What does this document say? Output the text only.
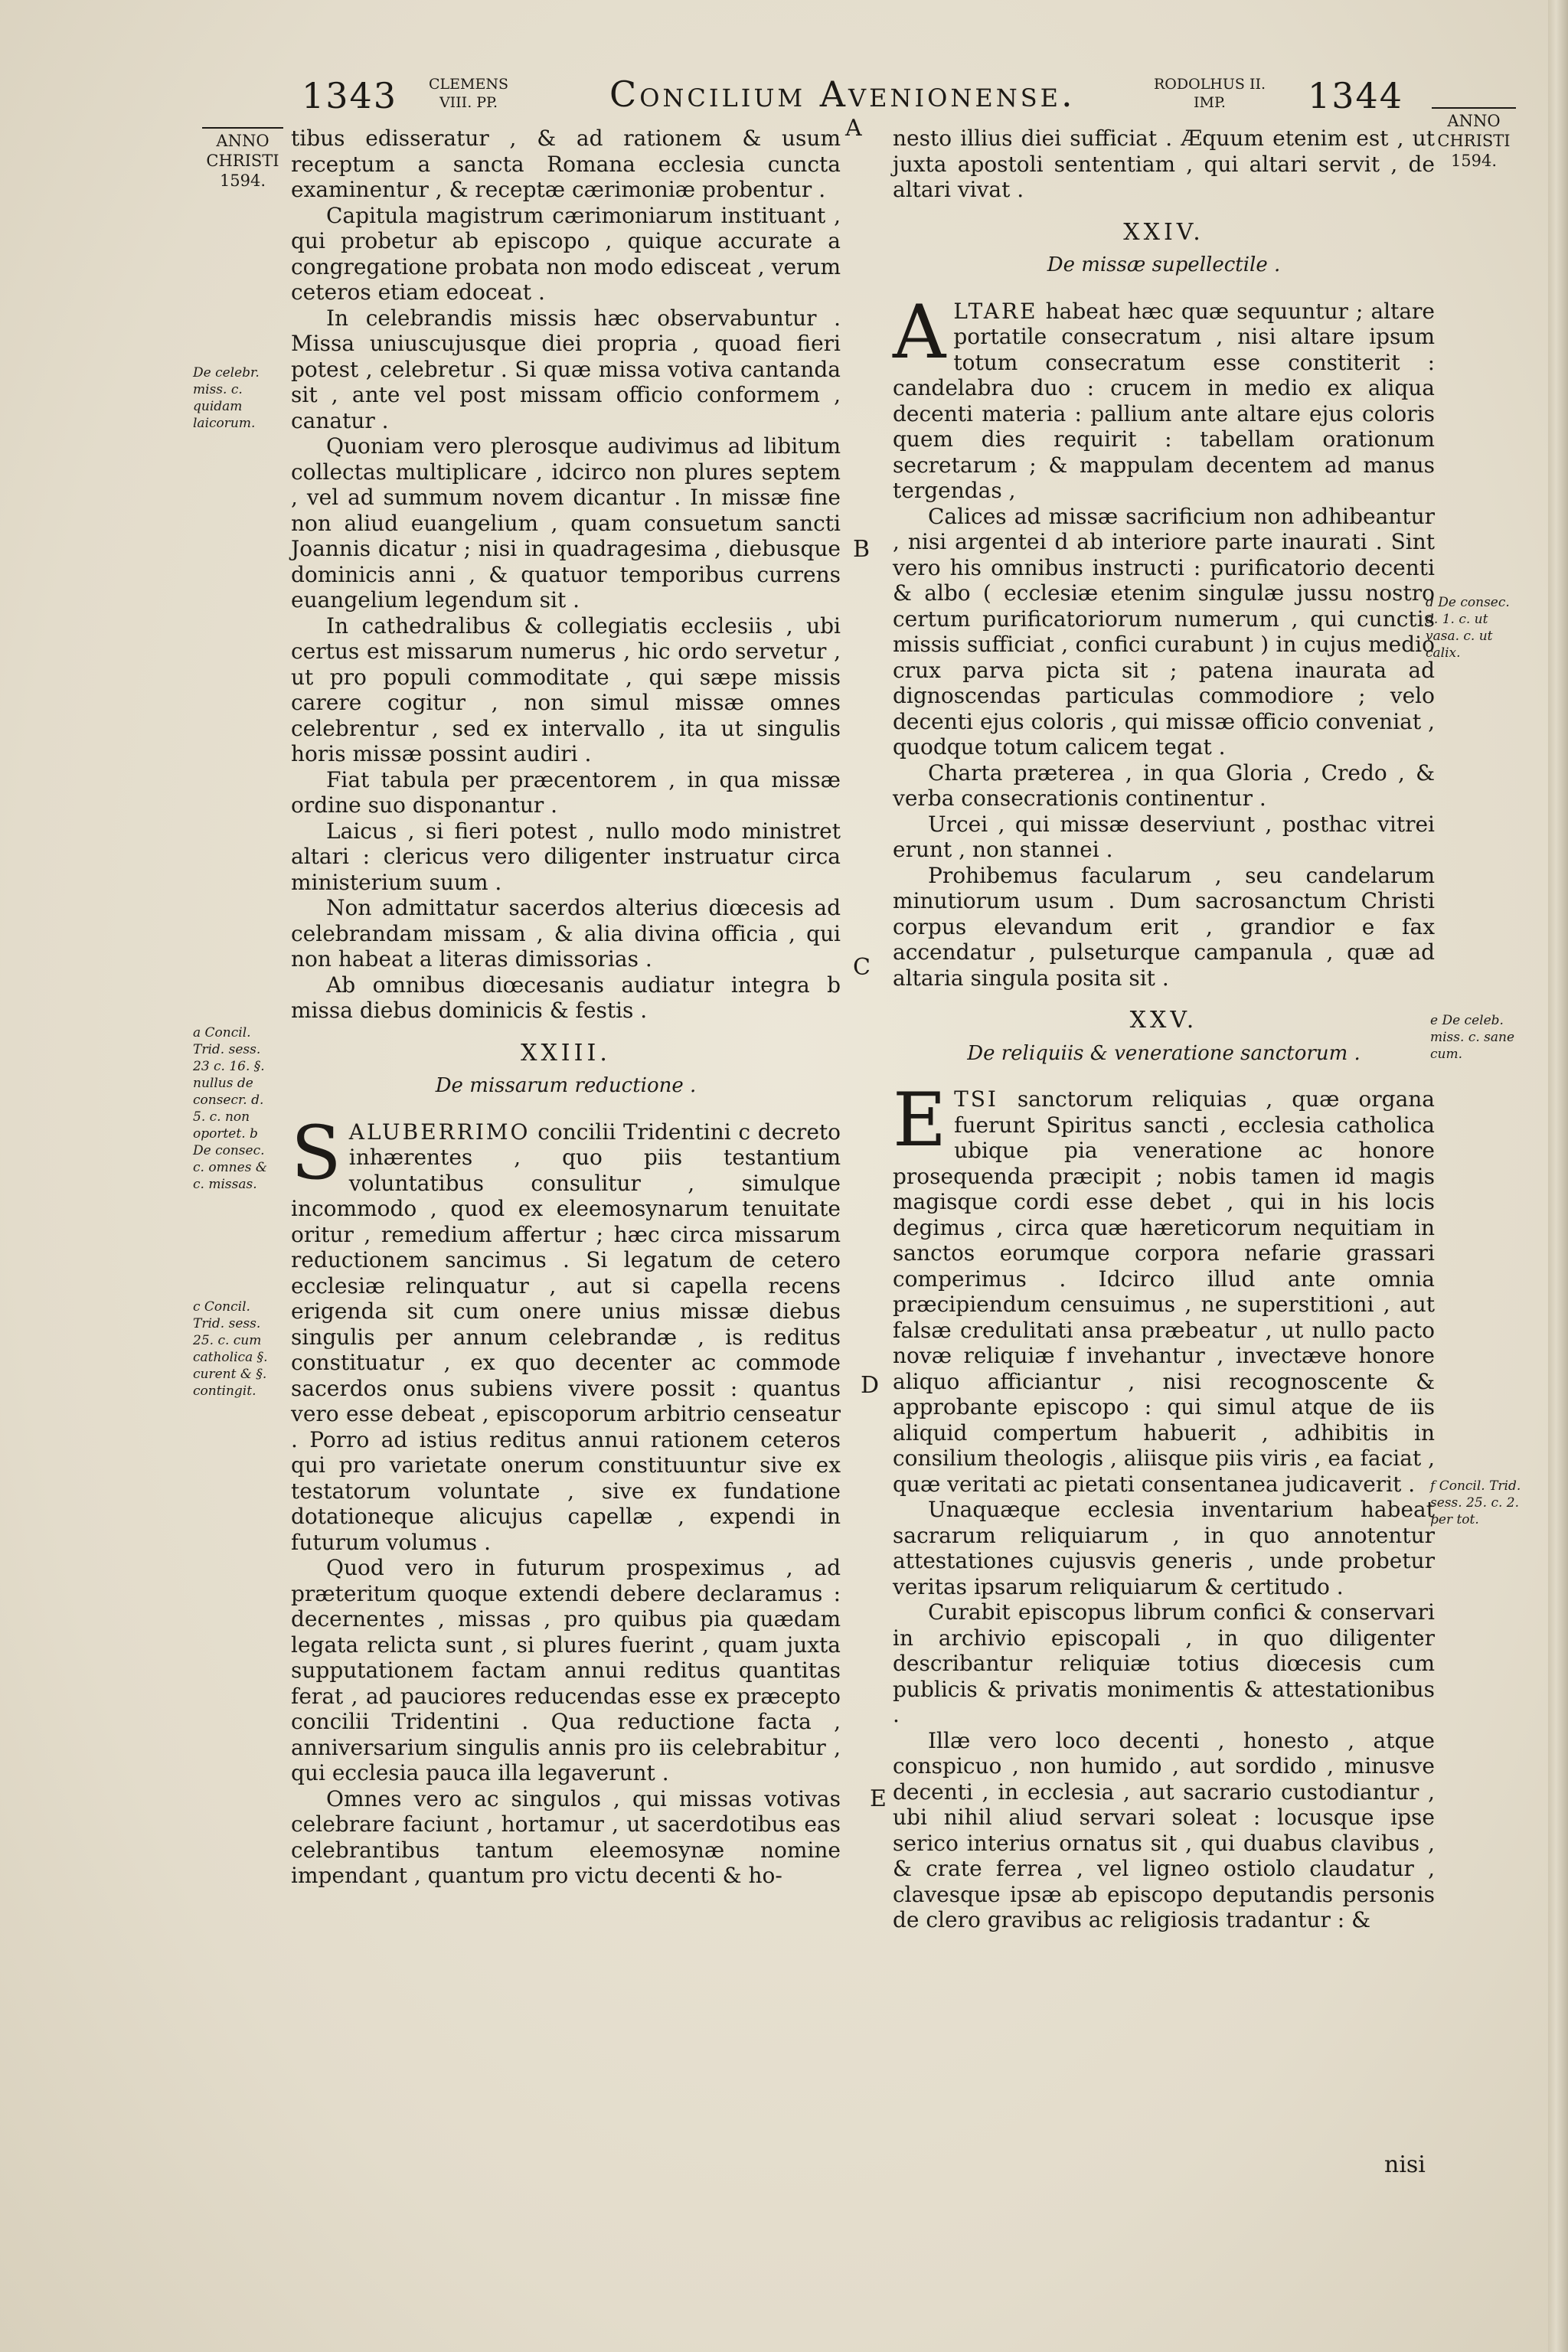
1343	CLEMENS VIII. PP.	Concilium Avenionense.	RODOLHUS II. IMP.	1344
ANNO CHRISTI 1594.
ANNO CHRISTI 1594.
De celebr. miss. c. quidam laicorum.
a Concil. Trid. sess. 23 c. 16. §. nullus de consecr. d. 5. c. non oportet. b De consec. c. omnes & c. missas.
c Concil. Trid. sess. 25. c. cum catholica §. curent & §. contingit.
d De consec. d. 1. c. ut vasa. c. ut calix.
e De celeb. miss. c. sane cum.
f Concil. Trid. sess. 25. c. 2. per tot.
A
B
C
D
E

tibus edisseratur , & ad rationem & usum receptum a sancta Romana ecclesia cuncta examinentur , & receptæ cærimoniæ probentur .

Capitula magistrum cærimoniarum instituant , qui probetur ab episcopo , quique accurate a congregatione probata non modo edisceat , verum ceteros etiam edoceat .

In celebrandis missis hæc observabuntur . Missa uniuscujusque diei propria , quoad fieri potest , celebretur . Si quæ missa votiva cantanda sit , ante vel post missam officio conformem , canatur .

Quoniam vero plerosque audivimus ad libitum collectas multiplicare , idcirco non plures septem , vel ad summum novem dicantur . In missæ fine non aliud euangelium , quam consuetum sancti Joannis dicatur ; nisi in quadragesima , diebusque dominicis anni , & quatuor temporibus currens euangelium legendum sit .

In cathedralibus & collegiatis ecclesiis , ubi certus est missarum numerus , hic ordo servetur , ut pro populi commoditate , qui sæpe missis carere cogitur , non simul missæ omnes celebrentur , sed ex intervallo , ita ut singulis horis missæ possint audiri .

Fiat tabula per præcentorem , in qua missæ ordine suo disponantur .

Laicus , si fieri potest , nullo modo ministret altari : clericus vero diligenter instruatur circa ministerium suum .

Non admittatur sacerdos alterius diœcesis ad celebrandam missam , & alia divina officia , qui non habeat a literas dimissorias .

Ab omnibus diœcesanis audiatur integra b missa diebus dominicis & festis .

XXIII.
De missarum reductione .

SALUBERRIMO concilii Tridentini c decreto inhærentes , quo piis testantium voluntatibus consulitur , simulque incommodo , quod ex eleemosynarum tenuitate oritur , remedium affertur ; hæc circa missarum reductionem sancimus . Si legatum de cetero ecclesiæ relinquatur , aut si capella recens erigenda sit cum onere unius missæ diebus singulis per annum celebrandæ , is reditus constituatur , ex quo decenter ac commode sacerdos onus subiens vivere possit : quantus vero esse debeat , episcoporum arbitrio censeatur . Porro ad istius reditus annui rationem ceteros qui pro varietate onerum constituuntur sive ex testatorum voluntate , sive ex fundatione dotationeque alicujus capellæ , expendi in futurum volumus .

Quod vero in futurum prospeximus , ad præteritum quoque extendi debere declaramus : decernentes , missas , pro quibus pia quædam legata relicta sunt , si plures fuerint , quam juxta supputationem factam annui reditus quantitas ferat , ad pauciores reducendas esse ex præcepto concilii Tridentini . Qua reductione facta , anniversarium singulis annis pro iis celebrabitur , qui ecclesia pauca illa legaverunt .

Omnes vero ac singulos , qui missas votivas celebrare faciunt , hortamur , ut sacerdotibus eas celebrantibus tantum eleemosynæ nomine impendant , quantum pro victu decenti & ho-

nesto illius diei sufficiat . Æquum etenim est , ut juxta apostoli sententiam , qui altari servit , de altari vivat .

XXIV.
De missæ supellectile .

ALTARE habeat hæc quæ sequuntur ; altare portatile consecratum , nisi altare ipsum totum consecratum esse constiterit : candelabra duo : crucem in medio ex aliqua decenti materia : pallium ante altare ejus coloris quem dies requirit : tabellam orationum secretarum ; & mappulam decentem ad manus tergendas ,

Calices ad missæ sacrificium non adhibeantur , nisi argentei d ab interiore parte inaurati . Sint vero his omnibus instructi : purificatorio decenti & albo ( ecclesiæ etenim singulæ jussu nostro certum purificatoriorum numerum , qui cunctis missis sufficiat , confici curabunt ) in cujus medio crux parva picta sit ; patena inaurata ad dignoscendas particulas commodiore ; velo decenti ejus coloris , qui missæ officio conveniat , quodque totum calicem tegat .

Charta præterea , in qua Gloria , Credo , & verba consecrationis continentur .

Urcei , qui missæ deserviunt , posthac vitrei erunt , non stannei .

Prohibemus facularum , seu candelarum minutiorum usum . Dum sacrosanctum Christi corpus elevandum erit , grandior e fax accendatur , pulseturque campanula , quæ ad altaria singula posita sit .

XXV.
De reliquiis & veneratione sanctorum .

ETSI sanctorum reliquias , quæ organa fuerunt Spiritus sancti , ecclesia catholica ubique pia veneratione ac honore prosequenda præcipit ; nobis tamen id magis magisque cordi esse debet , qui in his locis degimus , circa quæ hæreticorum nequitiam in sanctos eorumque corpora nefarie grassari comperimus . Idcirco illud ante omnia præcipiendum censuimus , ne superstitioni , aut falsæ credulitati ansa præbeatur , ut nullo pacto novæ reliquiæ f invehantur , invectæve honore aliquo afficiantur , nisi recognoscente & approbante episcopo : qui simul atque de iis aliquid compertum habuerit , adhibitis in consilium theologis , aliisque piis viris , ea faciat , quæ veritati ac pietati consentanea judicaverit .

Unaquæque ecclesia inventarium habeat sacrarum reliquiarum , in quo annotentur attestationes cujusvis generis , unde probetur veritas ipsarum reliquiarum & certitudo .

Curabit episcopus librum confici & conservari in archivio episcopali , in quo diligenter describantur reliquiæ totius diœcesis cum publicis & privatis monimentis & attestationibus .

Illæ vero loco decenti , honesto , atque conspicuo , non humido , aut sordido , minusve decenti , in ecclesia , aut sacrario custodiantur , ubi nihil aliud servari soleat : locusque ipse serico interius ornatus sit , qui duabus clavibus , & crate ferrea , vel ligneo ostiolo claudatur , clavesque ipsæ ab episcopo deputandis personis de clero gravibus ac religiosis tradantur : &

nisi
